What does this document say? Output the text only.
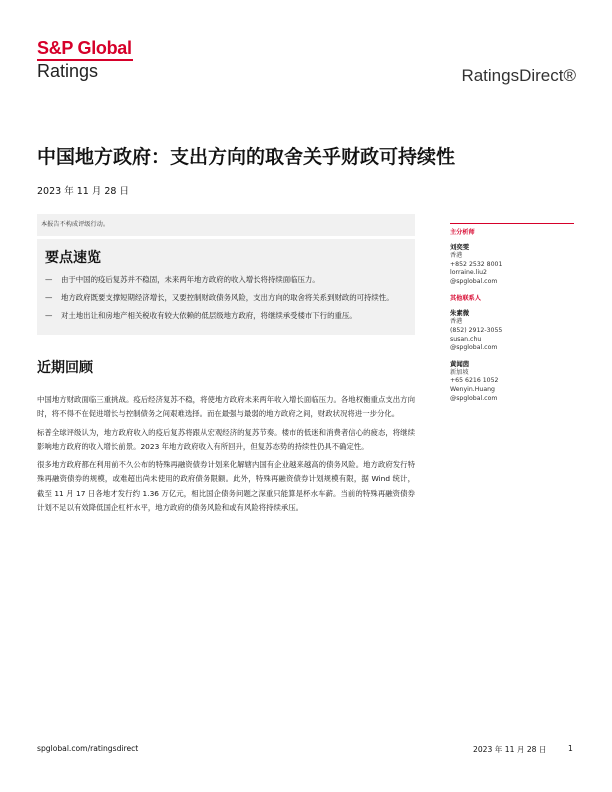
S&P Global
Ratings	RatingsDirect®
中国地方政府：支出方向的取舍关乎财政可持续性
2023 年 11 月 28 日
本报告不构成评级行动。
要点速览
— 由于中国的疫后复苏并不稳固，未来两年地方政府的收入增长将持续面临压力。
— 地方政府既要支撑短期经济增长，又要控制财政债务风险，支出方向的取舍将关系到财政的可持续性。
— 对土地出让和房地产相关税收有较大依赖的低层级地方政府，将继续承受楼市下行的重压。
近期回顾

中国地方财政面临三重挑战。疫后经济复苏不稳，将使地方政府未来两年收入增长面临压力。各地权衡重点支出方向时，将不得不在促进增长与控制债务之间艰难选择。而在最强与最弱的地方政府之间，财政状况将进一步分化。

标普全球评级认为，地方政府收入的疫后复苏将跟从宏观经济的复苏节奏。楼市的低迷和消费者信心的疲态，将继续影响地方政府的收入增长前景。2023 年地方政府收入有所回升，但复苏态势的持续性仍具不确定性。

很多地方政府都在利用前不久公布的特殊再融资债券计划来化解辖内国有企业越来越高的债务风险。地方政府发行特殊再融资债券的规模，或难超出尚未使用的政府债务限额。此外，特殊再融资债券计划规模有限，据 Wind 统计，截至 11 月 17 日各地才发行约 1.36 万亿元，相比国企债务问题之深重只能算是杯水车薪。当前的特殊再融资债券计划不足以有效降低国企杠杆水平，地方政府的债务风险和或有风险将持续承压。

主分析师

刘奕雯

香港

+852 2532 8001

lorraine.liu2

@spglobal.com

其他联系人

朱素微

香港

(852) 2912-3055

susan.chu

@spglobal.com

黄闻茵

新加坡

+65 6216 1052

Wenyin.Huang

@spglobal.com

spglobal.com/ratingsdirect	2023 年 11 月 28 日	1
